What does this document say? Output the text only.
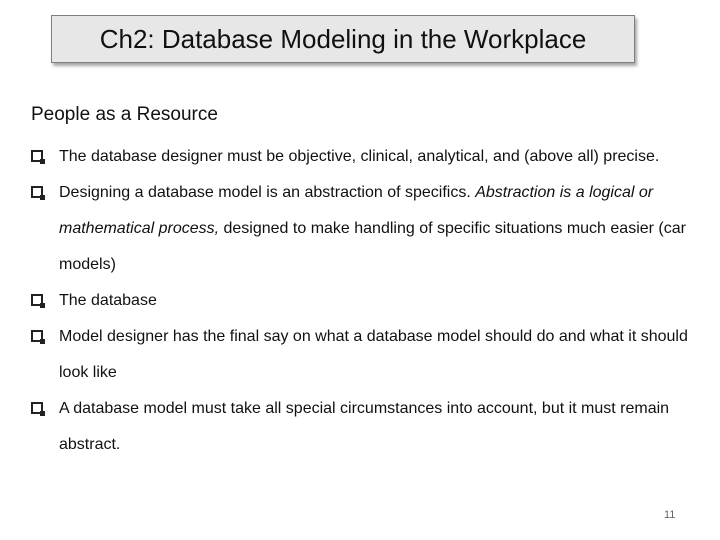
Ch2: Database Modeling in the Workplace
People as a Resource
The database designer must be objective, clinical, analytical, and (above all) precise.
Designing a database model is an abstraction of specifics. Abstraction is a logical or mathematical process, designed to make handling of specific situations much easier (car models)
The database
Model designer has the final say on what a database model should do and what it should look like
A database model must take all special circumstances into account, but it must remain abstract.
11
